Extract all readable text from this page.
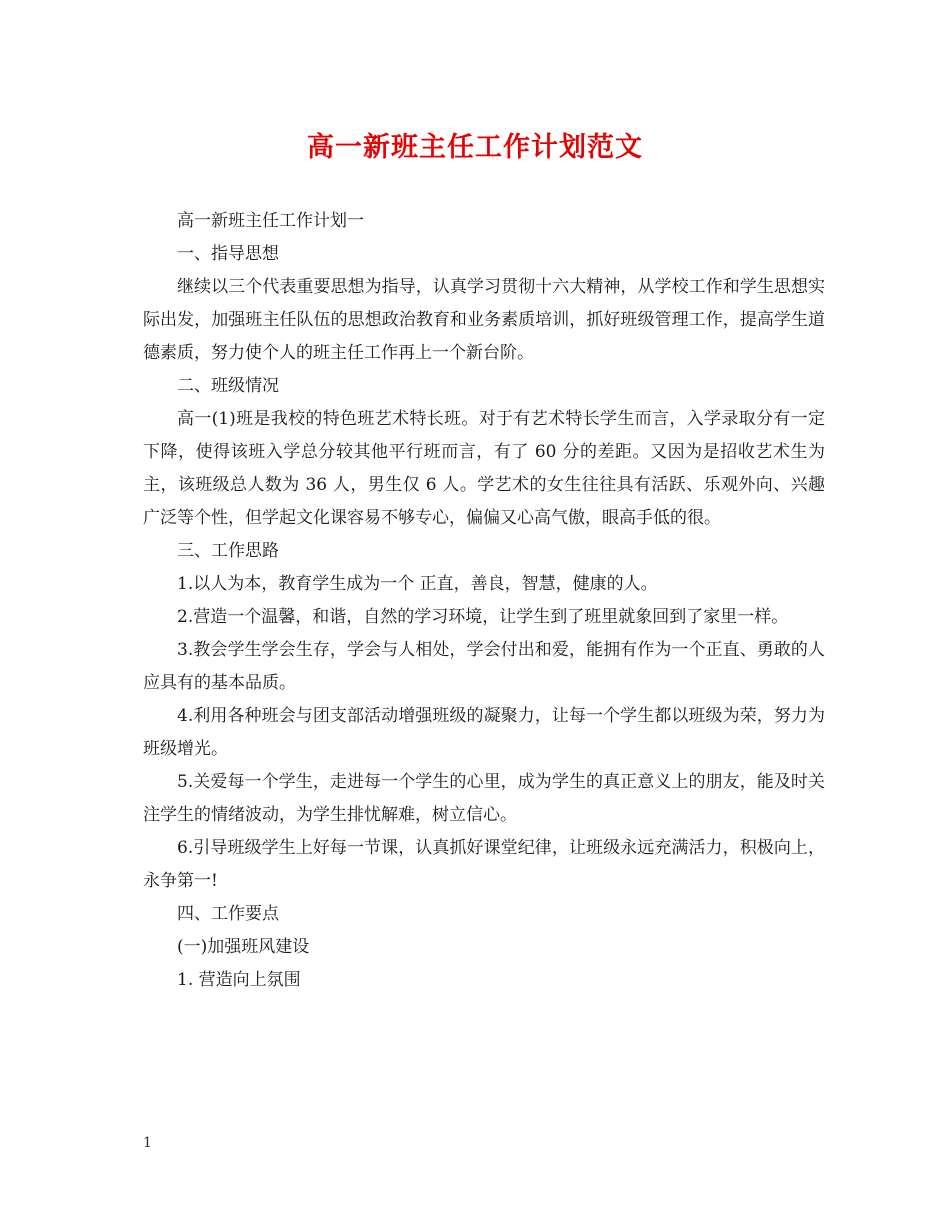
高一新班主任工作计划范文

高一新班主任工作计划一

一、指导思想

继续以三个代表重要思想为指导，认真学习贯彻十六大精神，从学校工作和学生思想实际出发，加强班主任队伍的思想政治教育和业务素质培训，抓好班级管理工作，提高学生道德素质，努力使个人的班主任工作再上一个新台阶。

二、班级情况

高一(1)班是我校的特色班艺术特长班。对于有艺术特长学生而言，入学录取分有一定下降，使得该班入学总分较其他平行班而言，有了 60 分的差距。又因为是招收艺术生为主，该班级总人数为 36 人，男生仅 6 人。学艺术的女生往往具有活跃、乐观外向、兴趣广泛等个性，但学起文化课容易不够专心，偏偏又心高气傲，眼高手低的很。

三、工作思路

1.以人为本，教育学生成为一个 正直，善良，智慧，健康的人。

2.营造一个温馨，和谐，自然的学习环境，让学生到了班里就象回到了家里一样。

3.教会学生学会生存，学会与人相处，学会付出和爱，能拥有作为一个正直、勇敢的人应具有的基本品质。

4.利用各种班会与团支部活动增强班级的凝聚力，让每一个学生都以班级为荣，努力为班级增光。

5.关爱每一个学生，走进每一个学生的心里，成为学生的真正意义上的朋友，能及时关注学生的情绪波动，为学生排忧解难，树立信心。

6.引导班级学生上好每一节课，认真抓好课堂纪律，让班级永远充满活力，积极向上，永争第一!

四、工作要点

(一)加强班风建设

1. 营造向上氛围

1
